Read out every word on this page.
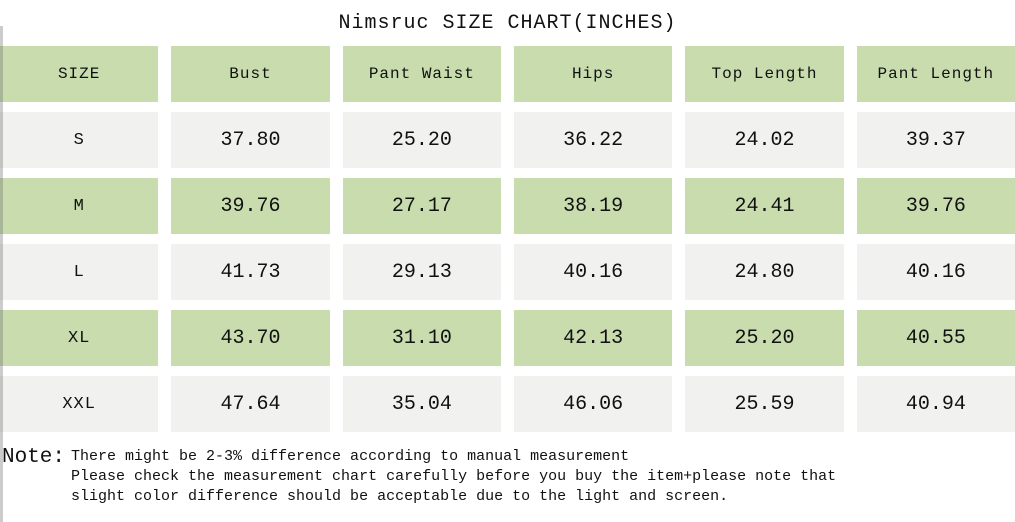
Nimsruc SIZE CHART(INCHES)
SIZE	Bust	Pant Waist	Hips	Top Length	Pant Length
S	37.80	25.20	36.22	24.02	39.37
M	39.76	27.17	38.19	24.41	39.76
L	41.73	29.13	40.16	24.80	40.16
XL	43.70	31.10	42.13	25.20	40.55
XXL	47.64	35.04	46.06	25.59	40.94
Note: There might be 2-3% difference according to manual measurement
Please check the measurement chart carefully before you buy the item+please note that
slight color difference should be acceptable due to the light and screen.
